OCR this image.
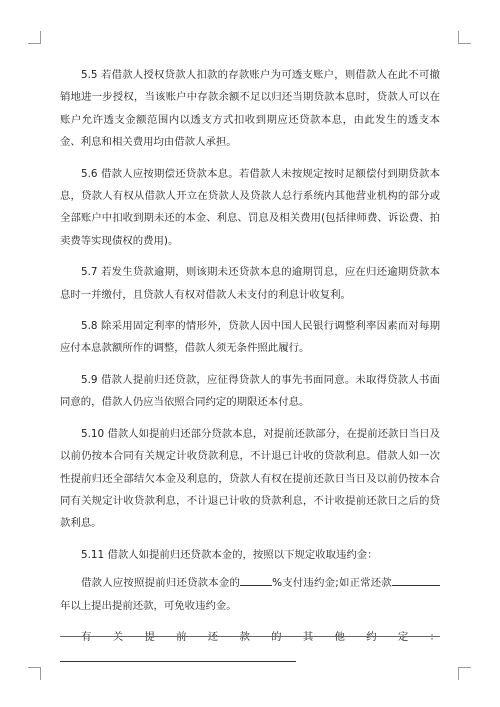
5.5 若借款人授权贷款人扣款的存款账户为可透支账户，则借款人在此不可撤销地进一步授权，当该账户中存款余额不足以归还当期贷款本息时，贷款人可以在账户允许透支金额范围内以透支方式扣收到期应还贷款本息，由此发生的透支本金、利息和相关费用均由借款人承担。

5.6 借款人应按期偿还贷款本息。若借款人未按规定按时足额偿付到期贷款本息，贷款人有权从借款人开立在贷款人及贷款人总行系统内其他营业机构的部分或全部账户中扣收到期未还的本金、利息、罚息及相关费用(包括律师费、诉讼费、拍卖费等实现债权的费用)。

5.7 若发生贷款逾期，则该期未还贷款本息的逾期罚息，应在归还逾期贷款本息时一并缴付，且贷款人有权对借款人未支付的利息计收复利。

5.8 除采用固定利率的情形外，贷款人因中国人民银行调整利率因素而对每期应付本息款额所作的调整，借款人须无条件照此履行。

5.9 借款人提前归还贷款，应征得贷款人的事先书面同意。未取得贷款人书面同意的，借款人仍应当依照合同约定的期限还本付息。

5.10 借款人如提前归还部分贷款本息，对提前还款部分，在提前还款日当日及以前仍按本合同有关规定计收贷款利息，不计退已计收的贷款利息。借款人如一次性提前归还全部结欠本金及利息的，贷款人有权在提前还款日当日及以前仍按本合同有关规定计收贷款利息，不计退已计收的贷款利息，不计收提前还款日之后的贷款利息。

5.11 借款人如提前归还贷款本金的，按照以下规定收取违约金：

借款人应按照提前归还贷款本金的	%支付违约金;如正常还款年以上提出提前还款，可免收违约金。

有关提前还款的其他约定：
